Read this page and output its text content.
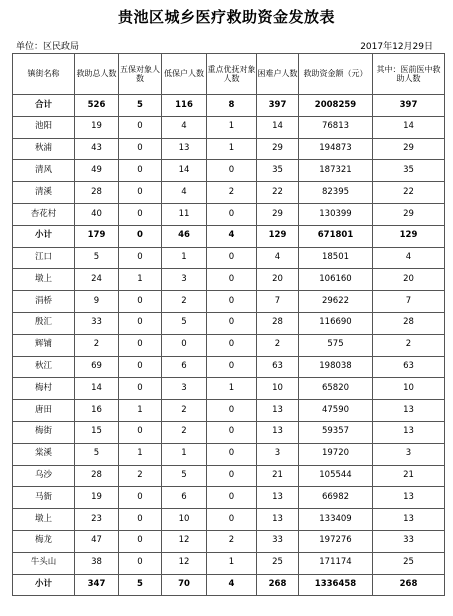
贵池区城乡医疗救助资金发放表
单位：区民政局	2017年12月29日
镇街名称	救助总人数	五保对象人数	低保户人数	重点优抚对象人数	困难户人数	救助资金额（元）	其中：医前医中救助人数
合计	526	5	116	8	397	2008259	397
池阳	19	0	4	1	14	76813	14
秋浦	43	0	13	1	29	194873	29
清风	49	0	14	0	35	187321	35
清溪	28	0	4	2	22	82395	22
杏花村	40	0	11	0	29	130399	29
小计	179	0	46	4	129	671801	129
江口	5	0	1	0	4	18501	4
墩上	24	1	3	0	20	106160	20
涓桥	9	0	2	0	7	29622	7
殷汇	33	0	5	0	28	116690	28
辉铺	2	0	0	0	2	575	2
秋江	69	0	6	0	63	198038	63
梅村	14	0	3	1	10	65820	10
唐田	16	1	2	0	13	47590	13
梅街	15	0	2	0	13	59357	13
棠溪	5	1	1	0	3	19720	3
乌沙	28	2	5	0	21	105544	21
马衙	19	0	6	0	13	66982	13
墩上	23	0	10	0	13	133409	13
梅龙	47	0	12	2	33	197276	33
牛头山	38	0	12	1	25	171174	25
小计	347	5	70	4	268	1336458	268
